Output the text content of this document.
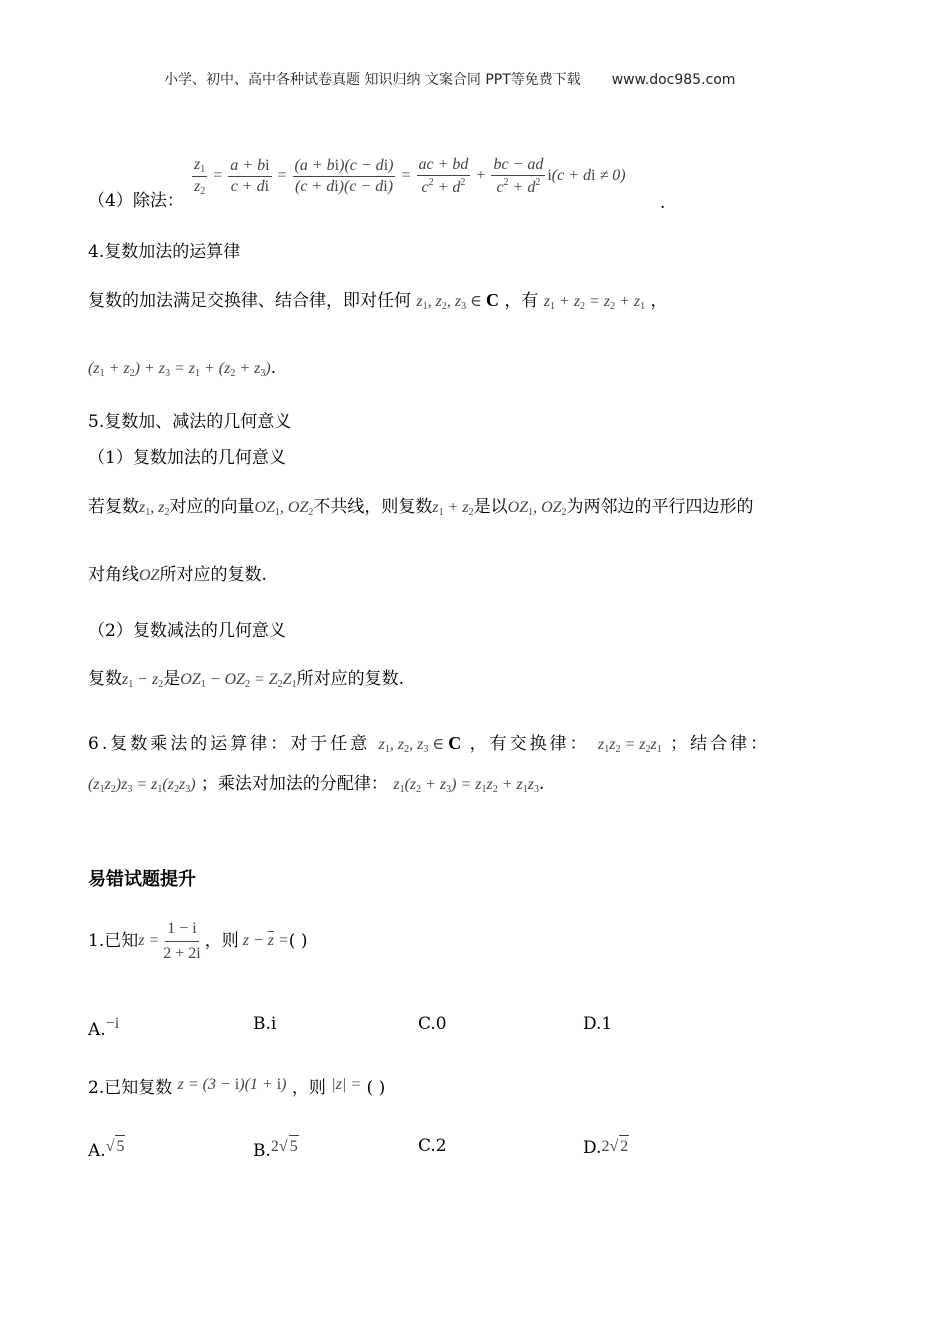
小学、初中、高中各种试卷真题 知识归纳 文案合同 PPT等免费下载 www.doc985.com
（4）除法：
$\frac{z_1}{z_2} = \frac{a + bi}{c + di} = \frac{(a + bi)(c - di)}{(c + di)(c - di)} = \frac{ac + bd}{c^2 + d^2} + \frac{bc - ad}{c^2 + d^2} i(c$ + di ≠ 0)
.
4.复数加法的运算律
复数的加法满足交换律、结合律，即对任何 $z_1$, $z_2$, $z_3$ ∈ C ，有 $z_1 + z_2 = z_2 + z_1$ ，
$(z_1 + z_2) + z_3 = z_1 + (z_2 + z_3)$.
5.复数加、减法的几何意义
（1）复数加法的几何意义
若复数$z_1$, $z_2$对应的向量$OZ_1$, $OZ_2$不共线，则复数$z_1 + z_2$是以$OZ_1$, $OZ_2$为两邻边的平行四边形的
对角线OZ所对应的复数.
（2）复数减法的几何意义
复数$z_1 - z_2$是$OZ_1 - OZ_2 = Z_2Z_1$所对应的复数.
6.复数乘法的运算律：对于任意 $z_1$, $z_2$, $z_3$ ∈ C ，有交换律： $z_1z_2 = z_2z_1$ ；结合律：
$(z_1z_2)z_3 = z_1(z_2z_3)$ ；乘法对加法的分配律： $z_1(z_2 + z_3) = z_1z_2 + z_1z_3$.
易错试题提升
1.已知 $z = \frac{1 - i}{2 + 2i}$ ，则 $z - \overline{z}$ = ( )
A.−i	B.i	C.0	D.1
2.已知复数 z = (3 − i)(1 + i) ，则 |z| = ( )
A.√ 5	B.2√ 5	C.2	D.2√ 2
